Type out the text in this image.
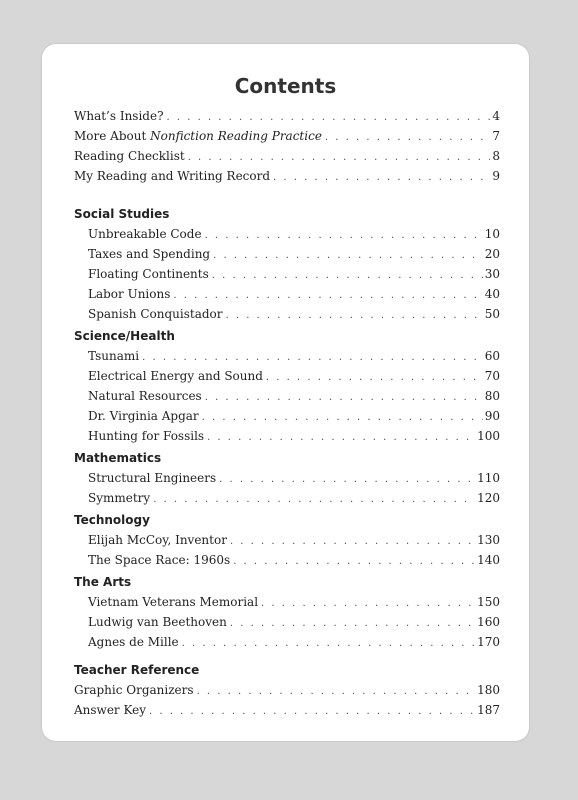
Contents
What’s Inside? . . .	4
More About Nonfiction Reading Practice . . .	7
Reading Checklist . . .	8
My Reading and Writing Record . . .	9
Social Studies
Unbreakable Code . . .	10
Taxes and Spending . . .	20
Floating Continents . . .	30
Labor Unions . . .	40
Spanish Conquistador . . .	50
Science/Health
Tsunami . . .	60
Electrical Energy and Sound . . .	70
Natural Resources . . .	80
Dr. Virginia Apgar . . .	90
Hunting for Fossils . . .	100
Mathematics
Structural Engineers . . .	110
Symmetry . . .	120
Technology
Elijah McCoy, Inventor . . .	130
The Space Race: 1960s . . .	140
The Arts
Vietnam Veterans Memorial . . .	150
Ludwig van Beethoven . . .	160
Agnes de Mille . . .	170
Teacher Reference
Graphic Organizers . . .	180
Answer Key . . .	187
